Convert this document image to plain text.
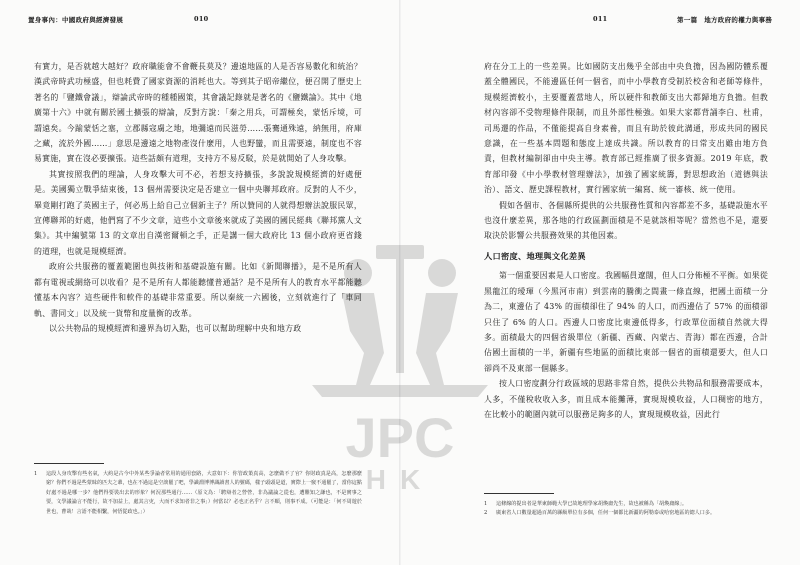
置身事內：中國政府與經濟發展	010

有實力，是否就越大越好？政府職能會不會鞭長莫及？邊遠地區的人是否容易數化和統治？漢武帝時武功極盛，但也耗費了國家資源的消耗也大。等到其子昭帝繼位，便召開了歷史上著名的「鹽鐵會議」，辯論武帝時的種種國策，其會議記錄就是著名的《鹽鐵論》。其中《地廣第十六》中就有關於國土擴張的辯論，反對方說：「秦之用兵，可謂極矣，蒙恬斥境，可謂遠矣。今踰蒙恬之塞，立郡縣寇虜之地，地彌遠而民滋勞……張騫通殊遠，納無用，府庫之藏，流於外國……」意思是邊遠之地物產沒什麼用，人也野蠻，而且需要遠，制度也不容易實施，實在沒必要擴張。這些話頗有道理，支持方不易反駁，於是就開始了人身攻擊。

其實按照我們的理論，人身攻擊大可不必，若想支持擴張，多說說規模經濟的好處便是。美國獨立戰爭結束後，13 個州需要決定是否建立一個中央聯邦政府。反對的人不少，畢竟剛打跑了英國主子，何必馬上給自己立個新主子？所以贊同的人就得想辦法說服民眾，宣傳聯邦的好處，他們寫了不少文章，這些小文章後來就成了美國的國民經典《聯邦黨人文集》。其中編號第 13 的文章出自漢密爾頓之手，正是講一個大政府比 13 個小政府更省錢的道理，也就是規模經濟。

政府公共服務的覆蓋範圍也與技術和基礎設施有關。比如《新聞聯播》，是不是所有人都有電視或網絡可以收看？是不是所有人都能聽懂普通話？是不是所有人的教育水平都能聽懂基本內容？這些硬件和軟件的基礎非常重要。所以秦統一六國後，立刻就進行了「車同軌、書同文」以及統一貨幣和度量衡的改革。

以公共物品的規模經濟和邊界為切入點，也可以幫助理解中央和地方政

1	這段人身攻擊有些名氣，大約是古今中外某些爭論者常用的通用套路，大意如下：你管政策真高，怎麼做不了官？你財政真是高，怎麼那麼窮？你們不過是些蒙昧的匹夫之輩，也在不過這是空談罷了吧，學識淵博博識讀書人的號碼，樣子頭頭是道，實際上一竅不通罷了，當你這點好處不過是哪一步？他們得要裝出去的形象？何況那些通行……（原文為：「騁辯者之營營，非為議論之從也，遭難知之謙也，不是實事之要，文學議論言不能行，故不加益上，處其言吏，大而不求知者非之事」）何當以？必也正名乎？言不順，則事不成。（可能是：「何不周遊於世也，曹哉！言語不能相繫，何悟從政也。」）
011	第一篇　地方政府的權力與事務

府在分工上的一些差異。比如國防支出幾乎全部由中央負擔，因為國防體系覆蓋全體國民，不能邊區任何一個省，而中小學教育受制於校舍和老師等條件，規模經濟較小，主要覆蓋當地人，所以硬件和教師支出大都歸地方負擔。但教材內容卻不受物理條件限制，而且外部性極強。如果大家都背誦李白、杜甫，司馬遷的作品，不僅能提高自身素養，而且有助於彼此溝通，形成共同的國民意識，在一些基本問題和態度上達成共識。所以教育的日常支出雖由地方負責，但教材編制卻由中央主導。教育部已經推廣了很多資源。2019 年底，教育部印發《中小學教材管理辦法》，加強了國家統籌，對思想政治（道德與法治）、語文、歷史課程教材，實行國家統一編寫、統一審核、統一使用。

假如各個市、各個縣所提供的公共服務性質和內容都差不多，基礎設施水平也沒什麼差異，那各地的行政區劃面積是不是就該相等呢？當然也不是，還要取決於影響公共服務效果的其他因素。

人口密度、地理與文化差異

第一個重要因素是人口密度。我國幅員遼闊，但人口分佈極不平衡。如果從黑龍江的璦琿（今黑河市南）到雲南的騰衝之間畫一條直線，把國土面積一分為二，東邊佔了 43% 的面積卻住了 94% 的人口，而西邊佔了 57% 的面積卻只住了 6% 的人口。西邊人口密度比東邊低得多，行政單位面積自然就大得多。面積最大的四個省級單位（新疆、西藏、內蒙古、青海）都在西邊，合計佔國土面積的一半，新疆有些地區的面積比東部一個省的面積還要大，但人口卻尚不及東部一個縣多。

按人口密度劃分行政區域的思路非常自然，提供公共物品和服務需要成本，人多，不僅稅收收入多，而且成本能攤薄，實現規模收益，人口稠密的地方，在比較小的範圍內就可以服務足夠多的人，實現規模收益，因此行

1	這條線的提出者是華東師範大學已故地理學家胡煥庸先生，故也被稱為「胡煥庸線」。
2	廣東省人口數量超過百萬的縣級單位有多個，任何一個都比新疆的阿勒泰或哈密地區的總人口多。
JPC
